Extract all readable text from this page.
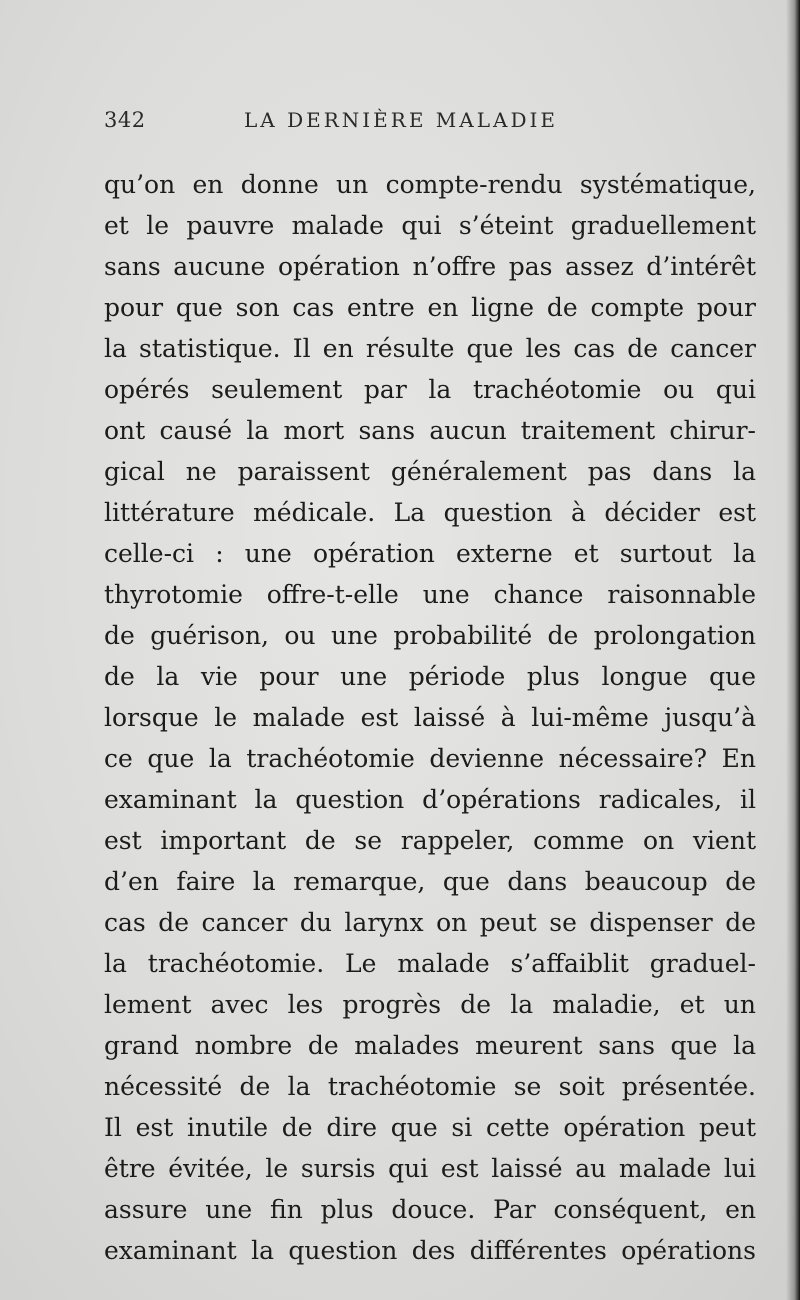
342	LA DERNIÈRE MALADIE
qu’on en donne un compte-rendu systématique,
et le pauvre malade qui s’éteint graduellement
sans aucune opération n’offre pas assez d’intérêt
pour que son cas entre en ligne de compte pour
la statistique. Il en résulte que les cas de cancer
opérés seulement par la trachéotomie ou qui
ont causé la mort sans aucun traitement chirur-
gical ne paraissent généralement pas dans la
littérature médicale. La question à décider est
celle-ci : une opération externe et surtout la
thyrotomie offre-t-elle une chance raisonnable
de guérison, ou une probabilité de prolongation
de la vie pour une période plus longue que
lorsque le malade est laissé à lui-même jusqu’à
ce que la trachéotomie devienne nécessaire? En
examinant la question d’opérations radicales, il
est important de se rappeler, comme on vient
d’en faire la remarque, que dans beaucoup de
cas de cancer du larynx on peut se dispenser de
la trachéotomie. Le malade s’affaiblit graduel-
lement avec les progrès de la maladie, et un
grand nombre de malades meurent sans que la
nécessité de la trachéotomie se soit présentée.
Il est inutile de dire que si cette opération peut
être évitée, le sursis qui est laissé au malade lui
assure une fin plus douce. Par conséquent, en
examinant la question des différentes opérations
